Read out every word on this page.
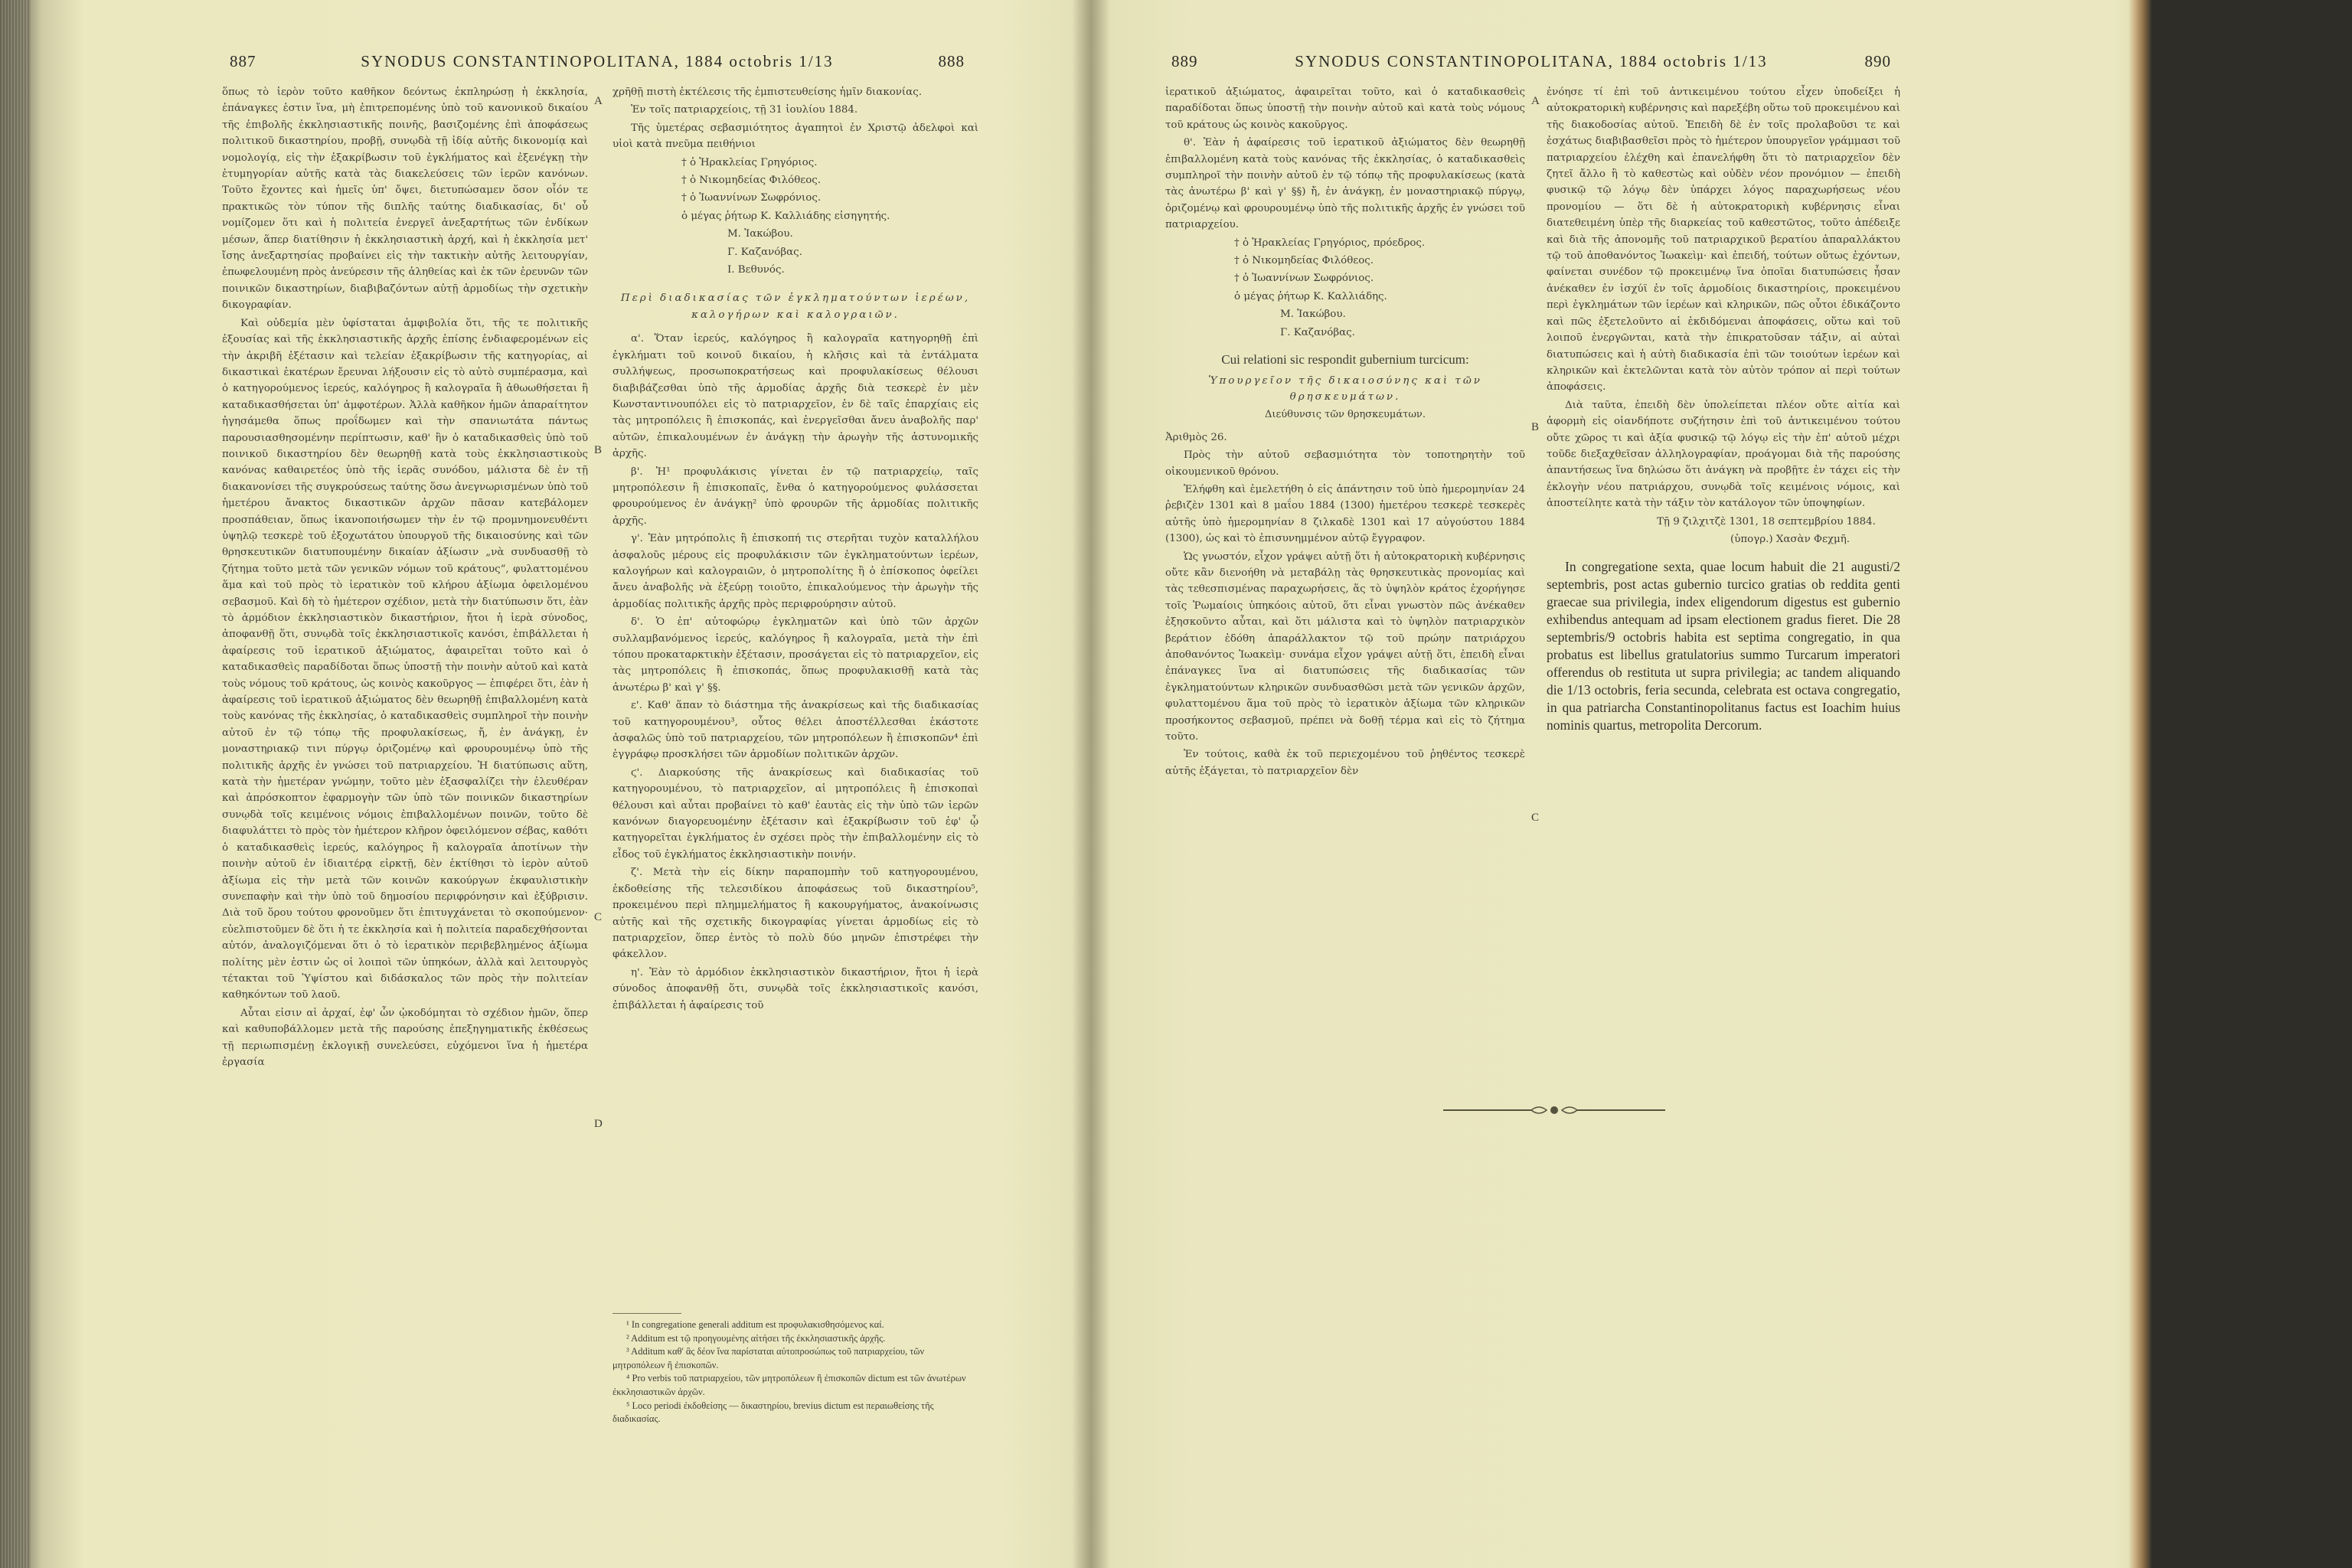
887	SYNODUS CONSTANTINOPOLITANA, 1884 octobris 1/13	888

ὅπως τὸ ἱερὸν τοῦτο καθῆκον δεόντως ἐκπληρώσῃ ἡ ἐκκλησία, ἐπάναγκες ἐστιν ἵνα, μὴ ἐπιτρεπομένης ὑπὸ τοῦ κανονικοῦ δικαίου τῆς ἐπιβολῆς ἐκκλησιαστικῆς ποινῆς, βασιζομένης ἐπὶ ἀποφάσεως πολιτικοῦ δικαστηρίου, προβῇ, συνῳδὰ τῇ ἰδίᾳ αὐτῆς δικονομίᾳ καὶ νομολογίᾳ, εἰς τὴν ἐξακρίβωσιν τοῦ ἐγκλήματος καὶ ἐξενέγκῃ τὴν ἐτυμηγορίαν αὐτῆς κατὰ τὰς διακελεύσεις τῶν ἱερῶν κανόνων. Τοῦτο ἔχοντες καὶ ἡμεῖς ὑπ' ὄψει, διετυπώσαμεν ὅσον οἷόν τε πρακτικῶς τὸν τύπον τῆς διπλῆς ταύτης διαδικασίας, δι' οὗ νομίζομεν ὅτι καὶ ἡ πολιτεία ἐνεργεῖ ἀνεξαρτήτως τῶν ἐνδίκων μέσων, ἅπερ διατίθησιν ἡ ἐκκλησιαστικὴ ἀρχή, καὶ ἡ ἐκκλησία μετ' ἴσης ἀνεξαρτησίας προβαίνει εἰς τὴν τακτικὴν αὐτῆς λειτουργίαν, ἐπωφελουμένη πρὸς ἀνεύρεσιν τῆς ἀληθείας καὶ ἐκ τῶν ἐρευνῶν τῶν ποινικῶν δικαστηρίων, διαβιβαζόντων αὐτῇ ἁρμοδίως τὴν σχετικὴν δικογραφίαν.

Καὶ οὐδεμία μὲν ὑφίσταται ἀμφιβολία ὅτι, τῆς τε πολιτικῆς ἐξουσίας καὶ τῆς ἐκκλησιαστικῆς ἀρχῆς ἐπίσης ἐνδιαφερομένων εἰς τὴν ἀκριβῆ ἐξέτασιν καὶ τελείαν ἐξακρίβωσιν τῆς κατηγορίας, αἱ δικαστικαὶ ἑκατέρων ἔρευναι λήξουσιν εἰς τὸ αὐτὸ συμπέρασμα, καὶ ὁ κατηγορούμενος ἱερεύς, καλόγηρος ἢ καλογραῖα ἢ ἀθωωθήσεται ἢ καταδικασθήσεται ὑπ' ἀμφοτέρων. Ἀλλὰ καθῆκον ἡμῶν ἀπαραίτητον ἡγησάμεθα ὅπως προΐδωμεν καὶ τὴν σπανιωτάτα πάντως παρουσιασθησομένην περίπτωσιν, καθ' ἣν ὁ καταδικασθεὶς ὑπὸ τοῦ ποινικοῦ δικαστηρίου δὲν θεωρηθῇ κατὰ τοὺς ἐκκλησιαστικοὺς κανόνας καθαιρετέος ὑπὸ τῆς ἱερᾶς συνόδου, μάλιστα δὲ ἐν τῇ διακανονίσει τῆς συγκρούσεως ταύτης ὅσω ἀνεγνωρισμένων ὑπὸ τοῦ ἡμετέρου ἄνακτος δικαστικῶν ἀρχῶν πᾶσαν κατεβάλομεν προσπάθειαν, ὅπως ἱκανοποιήσωμεν τὴν ἐν τῷ προμνημονευθέντι ὑψηλῷ τεσκερὲ τοῦ ἐξοχωτάτου ὑπουργοῦ τῆς δικαιοσύνης καὶ τῶν θρησκευτικῶν διατυπουμένην δικαίαν ἀξίωσιν „νὰ συνδυασθῇ τὸ ζήτημα τοῦτο μετὰ τῶν γενικῶν νόμων τοῦ κράτους“, φυλαττομένου ἅμα καὶ τοῦ πρὸς τὸ ἱερατικὸν τοῦ κλήρου ἀξίωμα ὀφειλομένου σεβασμοῦ. Καὶ δὴ τὸ ἡμέτερον σχέδιον, μετὰ τὴν διατύπωσιν ὅτι, ἐὰν τὸ ἁρμόδιον ἐκκλησιαστικὸν δικαστήριον, ἤτοι ἡ ἱερὰ σύνοδος, ἀποφανθῇ ὅτι, συνῳδὰ τοῖς ἐκκλησιαστικοῖς κανόσι, ἐπιβάλλεται ἡ ἀφαίρεσις τοῦ ἱερατικοῦ ἀξιώματος, ἀφαιρεῖται τοῦτο καὶ ὁ καταδικασθεὶς παραδίδοται ὅπως ὑποστῇ τὴν ποινὴν αὐτοῦ καὶ κατὰ τοὺς νόμους τοῦ κράτους, ὡς κοινὸς κακοῦργος — ἐπιφέρει ὅτι, ἐὰν ἡ ἀφαίρεσις τοῦ ἱερατικοῦ ἀξιώματος δὲν θεωρηθῇ ἐπιβαλλομένη κατὰ τοὺς κανόνας τῆς ἐκκλησίας, ὁ καταδικασθεὶς συμπληροῖ τὴν ποινὴν αὐτοῦ ἐν τῷ τόπῳ τῆς προφυλακίσεως, ἤ, ἐν ἀνάγκῃ, ἐν μοναστηριακῷ τινι πύργῳ ὁριζομένῳ καὶ φρουρουμένῳ ὑπὸ τῆς πολιτικῆς ἀρχῆς ἐν γνώσει τοῦ πατριαρχείου. Ἡ διατύπωσις αὕτη, κατὰ τὴν ἡμετέραν γνώμην, τοῦτο μὲν ἐξασφαλίζει τὴν ἐλευθέραν καὶ ἀπρόσκοπτον ἐφαρμογὴν τῶν ὑπὸ τῶν ποινικῶν δικαστηρίων συνῳδὰ τοῖς κειμένοις νόμοις ἐπιβαλλομένων ποινῶν, τοῦτο δὲ διαφυλάττει τὸ πρὸς τὸν ἡμέτερον κλῆρον ὀφειλόμενον σέβας, καθότι ὁ καταδικασθεὶς ἱερεύς, καλόγηρος ἢ καλογραῖα ἀποτίνων τὴν ποινὴν αὐτοῦ ἐν ἰδιαιτέρᾳ εἱρκτῇ, δὲν ἐκτίθησι τὸ ἱερὸν αὐτοῦ ἀξίωμα εἰς τὴν μετὰ τῶν κοινῶν κακούργων ἐκφαυλιστικὴν συνεπαφὴν καὶ τὴν ὑπὸ τοῦ δημοσίου περιφρόνησιν καὶ ἐξύβρισιν. Διὰ τοῦ ὅρου τούτου φρονοῦμεν ὅτι ἐπιτυγχάνεται τὸ σκοπούμενον· εὐελπιστοῦμεν δὲ ὅτι ἡ τε ἐκκλησία καὶ ἡ πολιτεία παραδεχθήσονται αὐτόν, ἀναλογιζόμεναι ὅτι ὁ τὸ ἱερατικὸν περιβεβλημένος ἀξίωμα πολίτης μὲν ἐστιν ὡς οἱ λοιποὶ τῶν ὑπηκόων, ἀλλὰ καὶ λειτουργὸς τέτακται τοῦ Ὑψίστου καὶ διδάσκαλος τῶν πρὸς τὴν πολιτείαν καθηκόντων τοῦ λαοῦ.

Αὗται εἰσιν αἱ ἀρχαί, ἐφ' ὧν ᾠκοδόμηται τὸ σχέδιον ἡμῶν, ὅπερ καὶ καθυποβάλλομεν μετὰ τῆς παρούσης ἐπεξηγηματικῆς ἐκθέσεως τῇ περιωπισμένῃ ἐκλογικῇ συνελεύσει, εὐχόμενοι ἵνα ἡ ἡμετέρα ἐργασία

A
B
C
D

χρῆθῇ πιστὴ ἐκτέλεσις τῆς ἐμπιστευθείσης ἡμῖν διακονίας.

Ἐν τοῖς πατριαρχείοις, τῇ 31 ἰουλίου 1884.

Τῆς ὑμετέρας σεβασμιότητος ἀγαπητοὶ ἐν Χριστῷ ἀδελφοὶ καὶ υἱοὶ κατὰ πνεῦμα πειθήνιοι

† ὁ Ἡρακλείας Γρηγόριος.

† ὁ Νικομηδείας Φιλόθεος.

† ὁ Ἰωαννίνων Σωφρόνιος.

ὁ μέγας ῥήτωρ Κ. Καλλιάδης εἰσηγητής.

Μ. Ἰακώβου.

Γ. Καζανόβας.

Ι. Βεθυνός.

Περὶ διαδικασίας τῶν ἐγκληματούντων ἱερέων, καλογήρων καὶ καλογραιῶν.

α'. Ὅταν ἱερεύς, καλόγηρος ἢ καλογραῖα κατηγορηθῇ ἐπὶ ἐγκλήματι τοῦ κοινοῦ δικαίου, ἡ κλῆσις καὶ τὰ ἐντάλματα συλλήψεως, προσωποκρατήσεως καὶ προφυλακίσεως θέλουσι διαβιβάζεσθαι ὑπὸ τῆς ἁρμοδίας ἀρχῆς διὰ τεσκερὲ ἐν μὲν Κωνσταντινουπόλει εἰς τὸ πατριαρχεῖον, ἐν δὲ ταῖς ἐπαρχίαις εἰς τὰς μητροπόλεις ἢ ἐπισκοπάς, καὶ ἐνεργεῖσθαι ἄνευ ἀναβολῆς παρ' αὐτῶν, ἐπικαλουμένων ἐν ἀνάγκῃ τὴν ἀρωγὴν τῆς ἀστυνομικῆς ἀρχῆς.

β'. Ἡ¹ προφυλάκισις γίνεται ἐν τῷ πατριαρχείῳ, ταῖς μητροπόλεσιν ἢ ἐπισκοπαῖς, ἔνθα ὁ κατηγορούμενος φυλάσσεται φρουρούμενος ἐν ἀνάγκῃ² ὑπὸ φρουρῶν τῆς ἁρμοδίας πολιτικῆς ἀρχῆς.

γ'. Ἐὰν μητρόπολις ἢ ἐπισκοπή τις στερῆται τυχὸν καταλλήλου ἀσφαλοῦς μέρους εἰς προφυλάκισιν τῶν ἐγκληματούντων ἱερέων, καλογήρων καὶ καλογραιῶν, ὁ μητροπολίτης ἢ ὁ ἐπίσκοπος ὀφείλει ἄνευ ἀναβολῆς νὰ ἐξεύρῃ τοιοῦτο, ἐπικαλούμενος τὴν ἀρωγὴν τῆς ἁρμοδίας πολιτικῆς ἀρχῆς πρὸς περιφρούρησιν αὐτοῦ.

δ'. Ὁ ἐπ' αὐτοφώρῳ ἐγκληματῶν καὶ ὑπὸ τῶν ἀρχῶν συλλαμβανόμενος ἱερεύς, καλόγηρος ἢ καλογραῖα, μετὰ τὴν ἐπὶ τόπου προκαταρκτικὴν ἐξέτασιν, προσάγεται εἰς τὸ πατριαρχεῖον, εἰς τὰς μητροπόλεις ἢ ἐπισκοπάς, ὅπως προφυλακισθῇ κατὰ τὰς ἀνωτέρω β' καὶ γ' §§.

ε'. Καθ' ἅπαν τὸ διάστημα τῆς ἀνακρίσεως καὶ τῆς διαδικασίας τοῦ κατηγορουμένου³, οὗτος θέλει ἀποστέλλεσθαι ἑκάστοτε ἀσφαλῶς ὑπὸ τοῦ πατριαρχείου, τῶν μητροπόλεων ἢ ἐπισκοπῶν⁴ ἐπὶ ἐγγράφῳ προσκλήσει τῶν ἁρμοδίων πολιτικῶν ἀρχῶν.

ϛ'. Διαρκούσης τῆς ἀνακρίσεως καὶ διαδικασίας τοῦ κατηγορουμένου, τὸ πατριαρχεῖον, αἱ μητροπόλεις ἢ ἐπισκοπαὶ θέλουσι καὶ αὗται προβαίνει τὸ καθ' ἑαυτὰς εἰς τὴν ὑπὸ τῶν ἱερῶν κανόνων διαγορευομένην ἐξέτασιν καὶ ἐξακρίβωσιν τοῦ ἐφ' ᾧ κατηγορεῖται ἐγκλήματος ἐν σχέσει πρὸς τὴν ἐπιβαλλομένην εἰς τὸ εἶδος τοῦ ἐγκλήματος ἐκκλησιαστικὴν ποινήν.

ζ'. Μετὰ τὴν εἰς δίκην παραπομπὴν τοῦ κατηγορουμένου, ἐκδοθείσης τῆς τελεσιδίκου ἀποφάσεως τοῦ δικαστηρίου⁵, προκειμένου περὶ πλημμελήματος ἢ κακουργήματος, ἀνακοίνωσις αὐτῆς καὶ τῆς σχετικῆς δικογραφίας γίνεται ἁρμοδίως εἰς τὸ πατριαρχεῖον, ὅπερ ἐντὸς τὸ πολὺ δύο μηνῶν ἐπιστρέφει τὴν φάκελλον.

η'. Ἐὰν τὸ ἁρμόδιον ἐκκλησιαστικὸν δικαστήριον, ἤτοι ἡ ἱερὰ σύνοδος ἀποφανθῇ ὅτι, συνῳδὰ τοῖς ἐκκλησιαστικοῖς κανόσι, ἐπιβάλλεται ἡ ἀφαίρεσις τοῦ

¹ In congregatione generali additum est προφυλακισθησόμενος καί.
² Additum est τῷ προηγουμένης αἰτήσει τῆς ἐκκλησιαστικῆς ἀρχῆς.
³ Additum καθ' ἃς δέον ἵνα παρίσταται αὐτοπροσώπως τοῦ πατριαρχείου, τῶν μητροπόλεων ἢ ἐπισκοπῶν.
⁴ Pro verbis τοῦ πατριαρχείου, τῶν μητροπόλεων ἢ ἐπισκοπῶν dictum est τῶν ἀνωτέρων ἐκκλησιαστικῶν ἀρχῶν.
⁵ Loco periodi ἐκδοθείσης — δικαστηρίου, brevius dictum est περαιωθείσης τῆς διαδικασίας.
889	SYNODUS CONSTANTINOPOLITANA, 1884 octobris 1/13	890

ἱερατικοῦ ἀξιώματος, ἀφαιρεῖται τοῦτο, καὶ ὁ καταδικασθεὶς παραδίδοται ὅπως ὑποστῇ τὴν ποινὴν αὐτοῦ καὶ κατὰ τοὺς νόμους τοῦ κράτους ὡς κοινὸς κακοῦργος.

θ'. Ἐὰν ἡ ἀφαίρεσις τοῦ ἱερατικοῦ ἀξιώματος δὲν θεωρηθῇ ἐπιβαλλομένη κατὰ τοὺς κανόνας τῆς ἐκκλησίας, ὁ καταδικασθεὶς συμπληροῖ τὴν ποινὴν αὐτοῦ ἐν τῷ τόπῳ τῆς προφυλακίσεως (κατὰ τὰς ἀνωτέρω β' καὶ γ' §§) ἤ, ἐν ἀνάγκῃ, ἐν μοναστηριακῷ πύργῳ, ὁριζομένῳ καὶ φρουρουμένῳ ὑπὸ τῆς πολιτικῆς ἀρχῆς ἐν γνώσει τοῦ πατριαρχείου.

† ὁ Ἡρακλείας Γρηγόριος, πρόεδρος.

† ὁ Νικομηδείας Φιλόθεος.

† ὁ Ἰωαννίνων Σωφρόνιος.

ὁ μέγας ῥήτωρ Κ. Καλλιάδης.

Μ. Ἰακώβου.

Γ. Καζανόβας.

Cui relationi sic respondit gubernium turcicum:

Ὑπουργεῖον τῆς δικαιοσύνης καὶ τῶν θρησκευμάτων.

Διεύθυνσις τῶν θρησκευμάτων.

Ἀριθμὸς 26.

Πρὸς τὴν αὐτοῦ σεβασμιότητα τὸν τοποτηρητὴν τοῦ οἰκουμενικοῦ θρόνου.

Ἐλήφθη καὶ ἐμελετήθη ὁ εἰς ἀπάντησιν τοῦ ὑπὸ ἡμερομηνίαν 24 ῥεβιζὲν 1301 καὶ 8 μαΐου 1884 (1300) ἡμετέρου τεσκερὲ τεσκερὲς αὐτῆς ὑπὸ ἡμερομηνίαν 8 ζιλκαδὲ 1301 καὶ 17 αὐγούστου 1884 (1300), ὡς καὶ τὸ ἐπισυνημμένον αὐτῷ ἔγγραφον.

Ὡς γνωστόν, εἶχον γράψει αὐτῇ ὅτι ἡ αὐτοκρατορικὴ κυβέρνησις οὔτε κἂν διενοήθη νὰ μεταβάλῃ τὰς θρησκευτικὰς προνομίας καὶ τὰς τεθεσπισμένας παραχωρήσεις, ἅς τὸ ὑψηλὸν κράτος ἐχορήγησε τοῖς Ῥωμαίοις ὑπηκόοις αὐτοῦ, ὅτι εἶναι γνωστὸν πῶς ἀνέκαθεν ἐξησκοῦντο αὗται, καὶ ὅτι μάλιστα καὶ τὸ ὑψηλὸν πατριαρχικὸν βεράτιον ἐδόθη ἀπαράλλακτον τῷ τοῦ πρώην πατριάρχου ἀποθανόντος Ἰωακεὶμ· συνάμα εἶχον γράψει αὐτῇ ὅτι, ἐπειδὴ εἶναι ἐπάναγκες ἵνα αἱ διατυπώσεις τῆς διαδικασίας τῶν ἐγκληματούντων κληρικῶν συνδυασθῶσι μετὰ τῶν γενικῶν ἀρχῶν, φυλαττομένου ἅμα τοῦ πρὸς τὸ ἱερατικὸν ἀξίωμα τῶν κληρικῶν προσήκοντος σεβασμοῦ, πρέπει νὰ δοθῇ τέρμα καὶ εἰς τὸ ζήτημα τοῦτο.

Ἐν τούτοις, καθὰ ἐκ τοῦ περιεχομένου τοῦ ῥηθέντος τεσκερὲ αὐτῆς ἐξάγεται, τὸ πατριαρχεῖον δὲν

A
B
C

ἐνόησε τί ἐπὶ τοῦ ἀντικειμένου τούτου εἶχεν ὑποδείξει ἡ αὐτοκρατορικὴ κυβέρνησις καὶ παρεξέβη οὕτω τοῦ προκειμένου καὶ τῆς διακοδοσίας αὐτοῦ. Ἐπειδὴ δὲ ἐν τοῖς προλαβοῦσι τε καὶ ἐσχάτως διαβιβασθεῖσι πρὸς τὸ ἡμέτερον ὑπουργεῖον γράμμασι τοῦ πατριαρχείου ἐλέχθη καὶ ἐπανελήφθη ὅτι τὸ πατριαρχεῖον δὲν ζητεῖ ἄλλο ἢ τὸ καθεστὼς καὶ οὐδὲν νέον προνόμιον — ἐπειδὴ φυσικῷ τῷ λόγῳ δὲν ὑπάρχει λόγος παραχωρήσεως νέου προνομίου — ὅτι δὲ ἡ αὐτοκρατορικὴ κυβέρνησις εἶναι διατεθειμένη ὑπὲρ τῆς διαρκείας τοῦ καθεστῶτος, τοῦτο ἀπέδειξε καὶ διὰ τῆς ἀπονομῆς τοῦ πατριαρχικοῦ βερατίου ἀπαραλλάκτου τῷ τοῦ ἀποθανόντος Ἰωακεὶμ· καὶ ἐπειδή, τούτων οὕτως ἐχόντων, φαίνεται συνέδον τῷ προκειμένῳ ἵνα ὁποῖαι διατυπώσεις ἦσαν ἀνέκαθεν ἐν ἰσχύϊ ἐν τοῖς ἁρμοδίοις δικαστηρίοις, προκειμένου περὶ ἐγκλημάτων τῶν ἱερέων καὶ κληρικῶν, πῶς οὗτοι ἐδικάζοντο καὶ πῶς ἐξετελοῦντο αἱ ἐκδιδόμεναι ἀποφάσεις, οὕτω καὶ τοῦ λοιποῦ ἐνεργῶνται, κατὰ τὴν ἐπικρατοῦσαν τάξιν, αἱ αὐταὶ διατυπώσεις καὶ ἡ αὐτὴ διαδικασία ἐπὶ τῶν τοιούτων ἱερέων καὶ κληρικῶν καὶ ἐκτελῶνται κατὰ τὸν αὐτὸν τρόπον αἱ περὶ τούτων ἀποφάσεις.

Διὰ ταῦτα, ἐπειδὴ δὲν ὑπολείπεται πλέον οὔτε αἰτία καὶ ἀφορμὴ εἰς οἱανδήποτε συζήτησιν ἐπὶ τοῦ ἀντικειμένου τούτου οὔτε χῶρος τι καὶ ἀξία φυσικῷ τῷ λόγῳ εἰς τὴν ἐπ' αὐτοῦ μέχρι τοῦδε διεξαχθεῖσαν ἀλληλογραφίαν, προάγομαι διὰ τῆς παρούσης ἀπαντήσεως ἵνα δηλώσω ὅτι ἀνάγκη νὰ προβῇτε ἐν τάχει εἰς τὴν ἐκλογὴν νέου πατριάρχου, συνῳδὰ τοῖς κειμένοις νόμοις, καὶ ἀποστείλητε κατὰ τὴν τάξιν τὸν κατάλογον τῶν ὑποψηφίων.

Τῇ 9 ζιλχιτζὲ 1301, 18 σεπτεμβρίου 1884.

(ὑπογρ.) Χασὰν Φεχμῆ.

In congregatione sexta, quae locum habuit die 21 augusti/2 septembris, post actas gubernio turcico gratias ob reddita genti graecae sua privilegia, index eligendorum digestus est gubernio exhibendus antequam ad ipsam electionem gradus fieret. Die 28 septembris/9 octobris habita est septima congregatio, in qua probatus est libellus gratulatorius summo Turcarum imperatori offerendus ob restituta ut supra privilegia; ac tandem aliquando die 1/13 octobris, feria secunda, celebrata est octava congregatio, in qua patriarcha Constantinopolitanus factus est Ioachim huius nominis quartus, metropolita Dercorum.
